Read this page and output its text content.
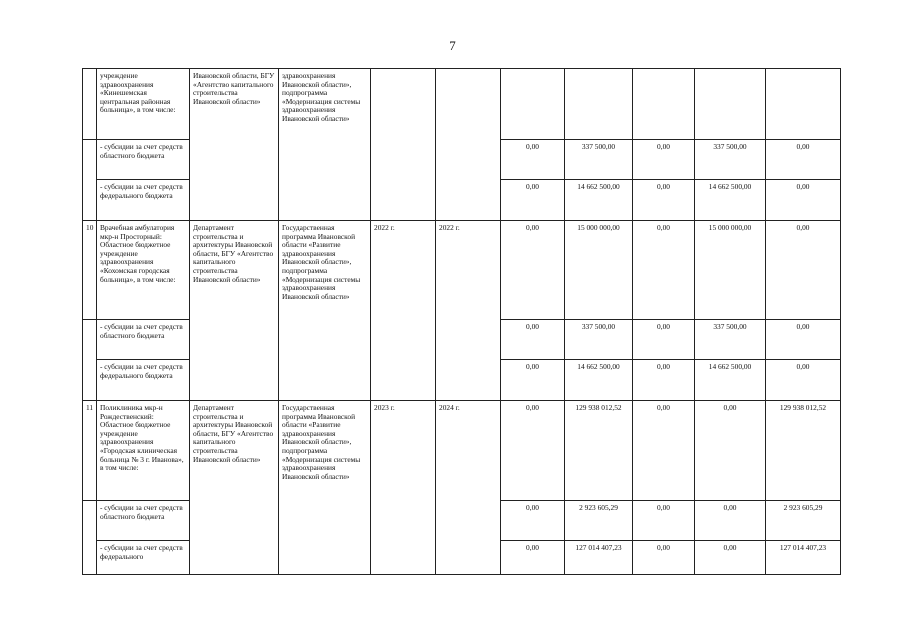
7
	учреждение здравоохранения «Кинешемская центральная районная больница», в том числе:	Ивановской области, БГУ «Агентство капитального строительства Ивановской области»	здравоохранения Ивановской области», подпрограмма «Модернизация системы здравоохранения Ивановской области»							
	- субсидии за счет средств областного бюджета					0,00	337 500,00	0,00	337 500,00	0,00
	- субсидии за счет средств федерального бюджета					0,00	14 662 500,00	0,00	14 662 500,00	0,00
10	Врачебная амбулатория мкр-н Просторный: Областное бюджетное учреждение здравоохранения «Кохомская городская больница», в том числе:	Департамент строительства и архитектуры Ивановской области, БГУ «Агентство капитального строительства Ивановской области»	Государственная программа Ивановской области «Развитие здравоохранения Ивановской области», подпрограмма «Модернизация системы здравоохранения Ивановской области»	2022 г.	2022 г.	0,00	15 000 000,00	0,00	15 000 000,00	0,00
	- субсидии за счет средств областного бюджета					0,00	337 500,00	0,00	337 500,00	0,00
	- субсидии за счет средств федерального бюджета					0,00	14 662 500,00	0,00	14 662 500,00	0,00
11	Поликлиника мкр-н Рождественский: Областное бюджетное учреждение здравоохранения «Городская клиническая больница № 3 г. Иванова», в том числе:	Департамент строительства и архитектуры Ивановской области, БГУ «Агентство капитального строительства Ивановской области»	Государственная программа Ивановской области «Развитие здравоохранения Ивановской области», подпрограмма «Модернизация системы здравоохранения Ивановской области»	2023 г.	2024 г.	0,00	129 938 012,52	0,00	0,00	129 938 012,52
	- субсидии за счет средств областного бюджета					0,00	2 923 605,29	0,00	0,00	2 923 605,29
	- субсидии за счет средств федерального					0,00	127 014 407,23	0,00	0,00	127 014 407,23
